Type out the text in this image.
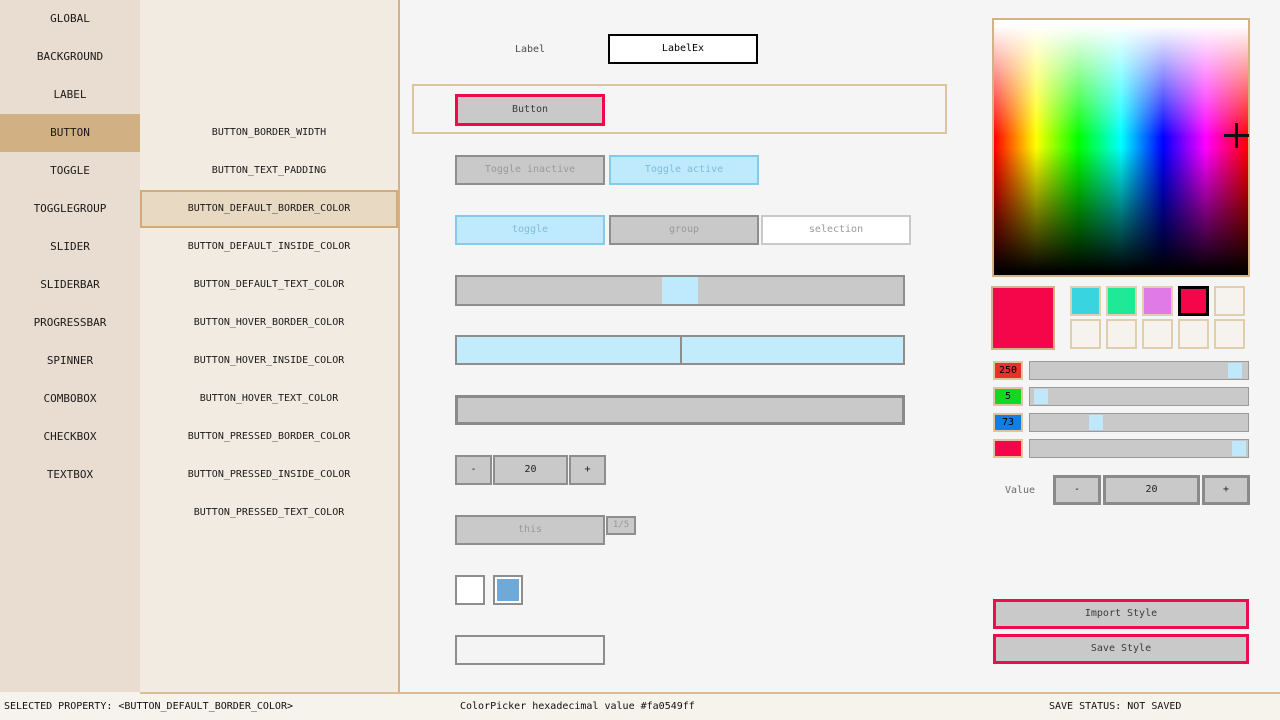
GLOBAL
BACKGROUND
LABEL
BUTTON
TOGGLE
TOGGLEGROUP
SLIDER
SLIDERBAR
PROGRESSBAR
SPINNER
COMBOBOX
CHECKBOX
TEXTBOX
BUTTON_BORDER_WIDTH
BUTTON_TEXT_PADDING
BUTTON_DEFAULT_BORDER_COLOR
BUTTON_DEFAULT_INSIDE_COLOR
BUTTON_DEFAULT_TEXT_COLOR
BUTTON_HOVER_BORDER_COLOR
BUTTON_HOVER_INSIDE_COLOR
BUTTON_HOVER_TEXT_COLOR
BUTTON_PRESSED_BORDER_COLOR
BUTTON_PRESSED_INSIDE_COLOR
BUTTON_PRESSED_TEXT_COLOR
Label	LabelEx
Button
Toggle inactive	Toggle active
toggle	group	selection
-	20	+
this	1/5
250
5
73
Value	-	20	+
Import Style
Save Style
SELECTED PROPERTY: <BUTTON_DEFAULT_BORDER_COLOR>	ColorPicker hexadecimal value #fa0549ff	SAVE STATUS: NOT SAVED
